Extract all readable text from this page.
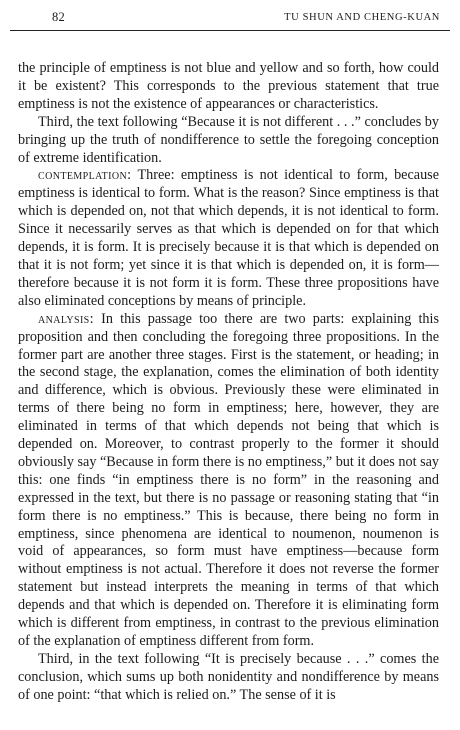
82	TU SHUN AND CHENG-KUAN

the principle of emptiness is not blue and yellow and so forth, how could it be existent? This corresponds to the previous statement that true emptiness is not the existence of appearances or characteristics.

Third, the text following “Because it is not different . . .” concludes by bringing up the truth of nondifference to settle the foregoing conception of extreme identification.

contemplation: Three: emptiness is not identical to form, because emptiness is identical to form. What is the reason? Since emptiness is that which is depended on, not that which depends, it is not identical to form. Since it necessarily serves as that which is depended on for that which depends, it is form. It is precisely because it is that which is depended on that it is not form; yet since it is that which is depended on, it is form—therefore because it is not form it is form. These three propositions have also eliminated conceptions by means of principle.

analysis: In this passage too there are two parts: explaining this proposition and then concluding the foregoing three propositions. In the former part are another three stages. First is the statement, or heading; in the second stage, the explanation, comes the elimination of both identity and difference, which is obvious. Previously these were eliminated in terms of there being no form in emptiness; here, however, they are eliminated in terms of that which depends not being that which is depended on. Moreover, to contrast properly to the former it should obviously say “Because in form there is no emptiness,” but it does not say this: one finds “in emptiness there is no form” in the reasoning and expressed in the text, but there is no passage or reasoning stating that “in form there is no emptiness.” This is because, there being no form in emptiness, since phenomena are identical to noumenon, noumenon is void of appearances, so form must have emptiness—because form without emptiness is not actual. Therefore it does not reverse the former statement but instead interprets the meaning in terms of that which depends and that which is depended on. Therefore it is eliminating form which is different from emptiness, in contrast to the previous elimination of the explanation of emptiness different from form.

Third, in the text following “It is precisely because . . .” comes the conclusion, which sums up both nonidentity and nondifference by means of one point: “that which is relied on.” The sense of it is
